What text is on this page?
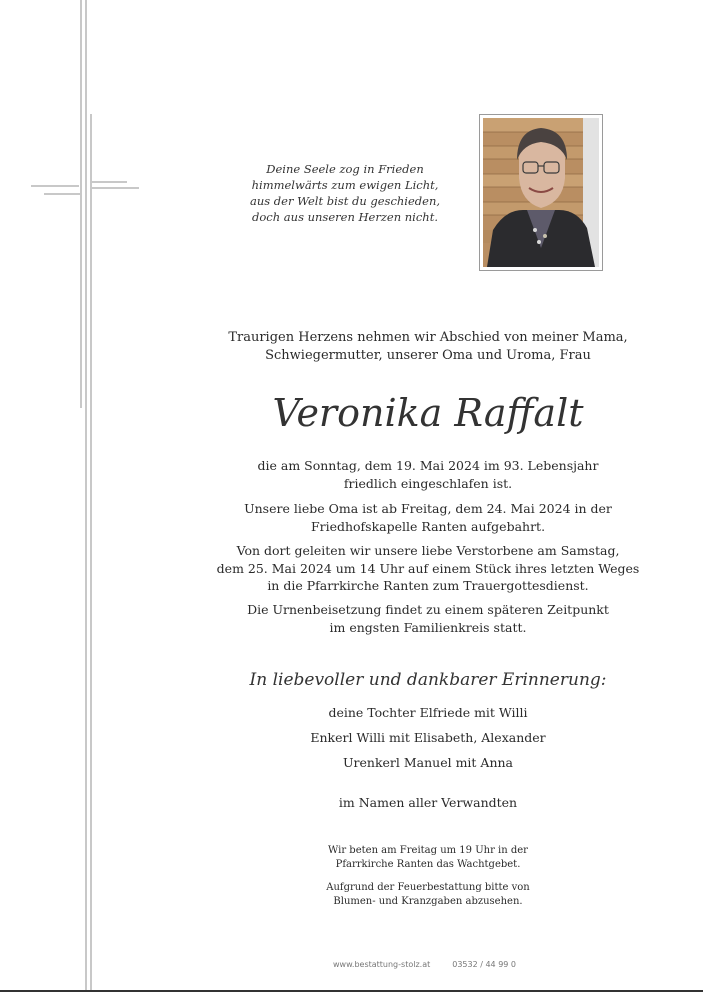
Deine Seele zog in Frieden
himmelwärts zum ewigen Licht,
aus der Welt bist du geschieden,
doch aus unseren Herzen nicht.
Traurigen Herzens nehmen wir Abschied von meiner Mama,
Schwiegermutter, unserer Oma und Uroma, Frau
Veronika Raffalt
die am Sonntag, dem 19. Mai 2024 im 93. Lebensjahr
friedlich eingeschlafen ist.
Unsere liebe Oma ist ab Freitag, dem 24. Mai 2024 in der
Friedhofskapelle Ranten aufgebahrt.
Von dort geleiten wir unsere liebe Verstorbene am Samstag,
dem 25. Mai 2024 um 14 Uhr auf einem Stück ihres letzten Weges
in die Pfarrkirche Ranten zum Trauergottesdienst.
Die Urnenbeisetzung findet zu einem späteren Zeitpunkt
im engsten Familienkreis statt.
In liebevoller und dankbarer Erinnerung:
deine Tochter Elfriede mit Willi
Enkerl Willi mit Elisabeth, Alexander
Urenkerl Manuel mit Anna
im Namen aller Verwandten
Wir beten am Freitag um 19 Uhr in der
Pfarrkirche Ranten das Wachtgebet.
Aufgrund der Feuerbestattung bitte von
Blumen- und Kranzgaben abzusehen.
www.bestattung-stolz.at	03532 / 44 99 0
